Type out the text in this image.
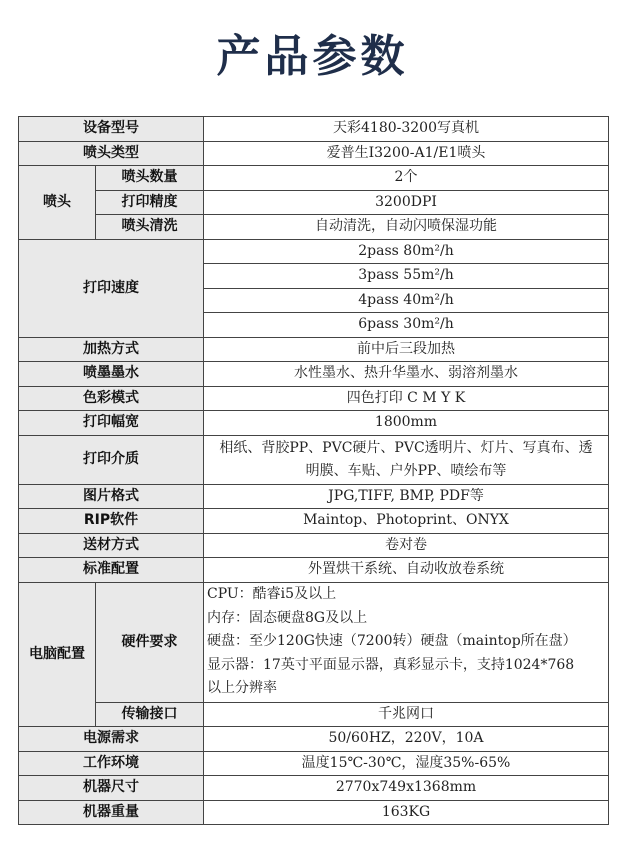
产品参数
设备型号		天彩4180-3200写真机
喷头类型		爱普生I3200-A1/E1喷头
喷头	喷头数量	2个
	打印精度	3200DPI
	喷头清洗	自动清洗，自动闪喷保湿功能
打印速度		2pass 80m²/h
		3pass 55m²/h
		4pass 40m²/h
		6pass 30m²/h
加热方式		前中后三段加热
喷墨墨水		水性墨水、热升华墨水、弱溶剂墨水
色彩模式		四色打印 C M Y K
打印幅宽		1800mm
打印介质		相纸、背胶PP、PVC硬片、PVC透明片、灯片、写真布、透
明膜、车贴、户外PP、喷绘布等

图片格式		JPG,TIFF, BMP, PDF等
RIP软件		Maintop、Photoprint、ONYX
送材方式		卷对卷
标准配置		外置烘干系统、自动收放卷系统
电脑配置	硬件要求	CPU：酷睿i5及以上
内存：固态硬盘8G及以上
硬盘：至少120G快速（7200转）硬盘（maintop所在盘）
显示器：17英寸平面显示器，真彩显示卡，支持1024*768
以上分辨率

	传输接口	千兆网口
电源需求		50/60HZ，220V，10A
工作环境		温度15℃-30℃，湿度35%-65%
机器尺寸		2770x749x1368mm
机器重量		163KG
